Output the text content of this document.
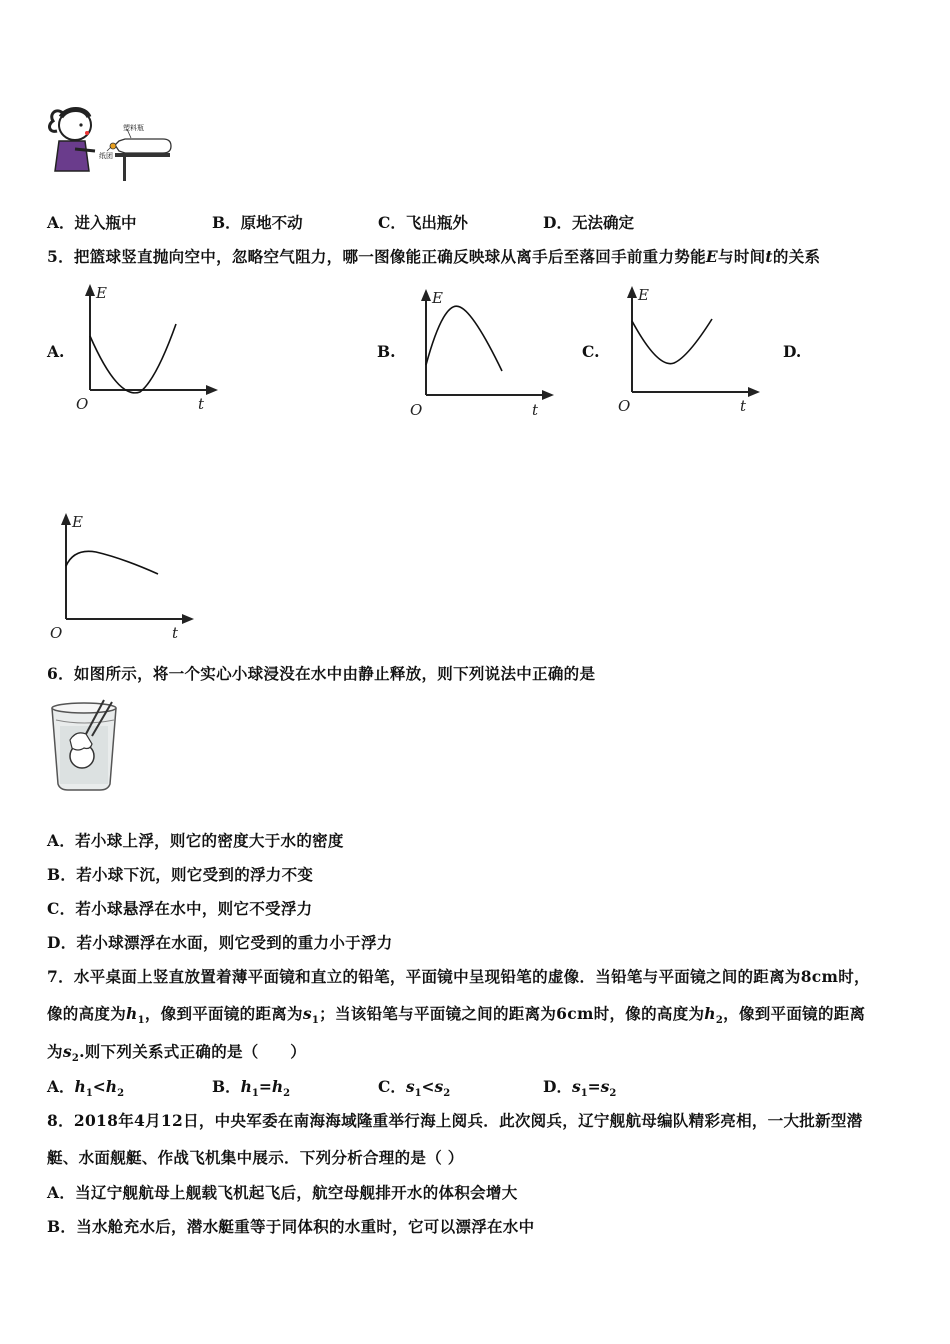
塑料瓶
纸团
A．进入瓶中	B．原地不动	C．飞出瓶外	D．无法确定
5．把篮球竖直抛向空中，忽略空气阻力，哪一图像能正确反映球从离手后至落回手前重力势能E与时间t的关系
A.	B.	C.	D.
E
O	t
E
O	t
E
O	t
E
O	t
6．如图所示，将一个实心小球浸没在水中由静止释放，则下列说法中正确的是
A．若小球上浮，则它的密度大于水的密度
B．若小球下沉，则它受到的浮力不变
C．若小球悬浮在水中，则它不受浮力
D．若小球漂浮在水面，则它受到的重力小于浮力
7．水平桌面上竖直放置着薄平面镜和直立的铅笔，平面镜中呈现铅笔的虚像．当铅笔与平面镜之间的距离为8cm时，
像的高度为$h_1$，像到平面镜的距离为$s_1$；当该铅笔与平面镜之间的距离为6cm时，像的高度为$h_2$，像到平面镜的距离
为$s_2$.则下列关系式正确的是（　　）
A．$h_1<h_2$	B．$h_1=h_2$	C．$s_1<s_2$	D．$s_1=s_2$
8．2018年4月12日，中央军委在南海海域隆重举行海上阅兵．此次阅兵，辽宁舰航母编队精彩亮相，一大批新型潜
艇、水面舰艇、作战飞机集中展示．下列分析合理的是（ ）
A．当辽宁舰航母上舰载飞机起飞后，航空母舰排开水的体积会增大
B．当水舱充水后，潜水艇重等于同体积的水重时，它可以漂浮在水中
